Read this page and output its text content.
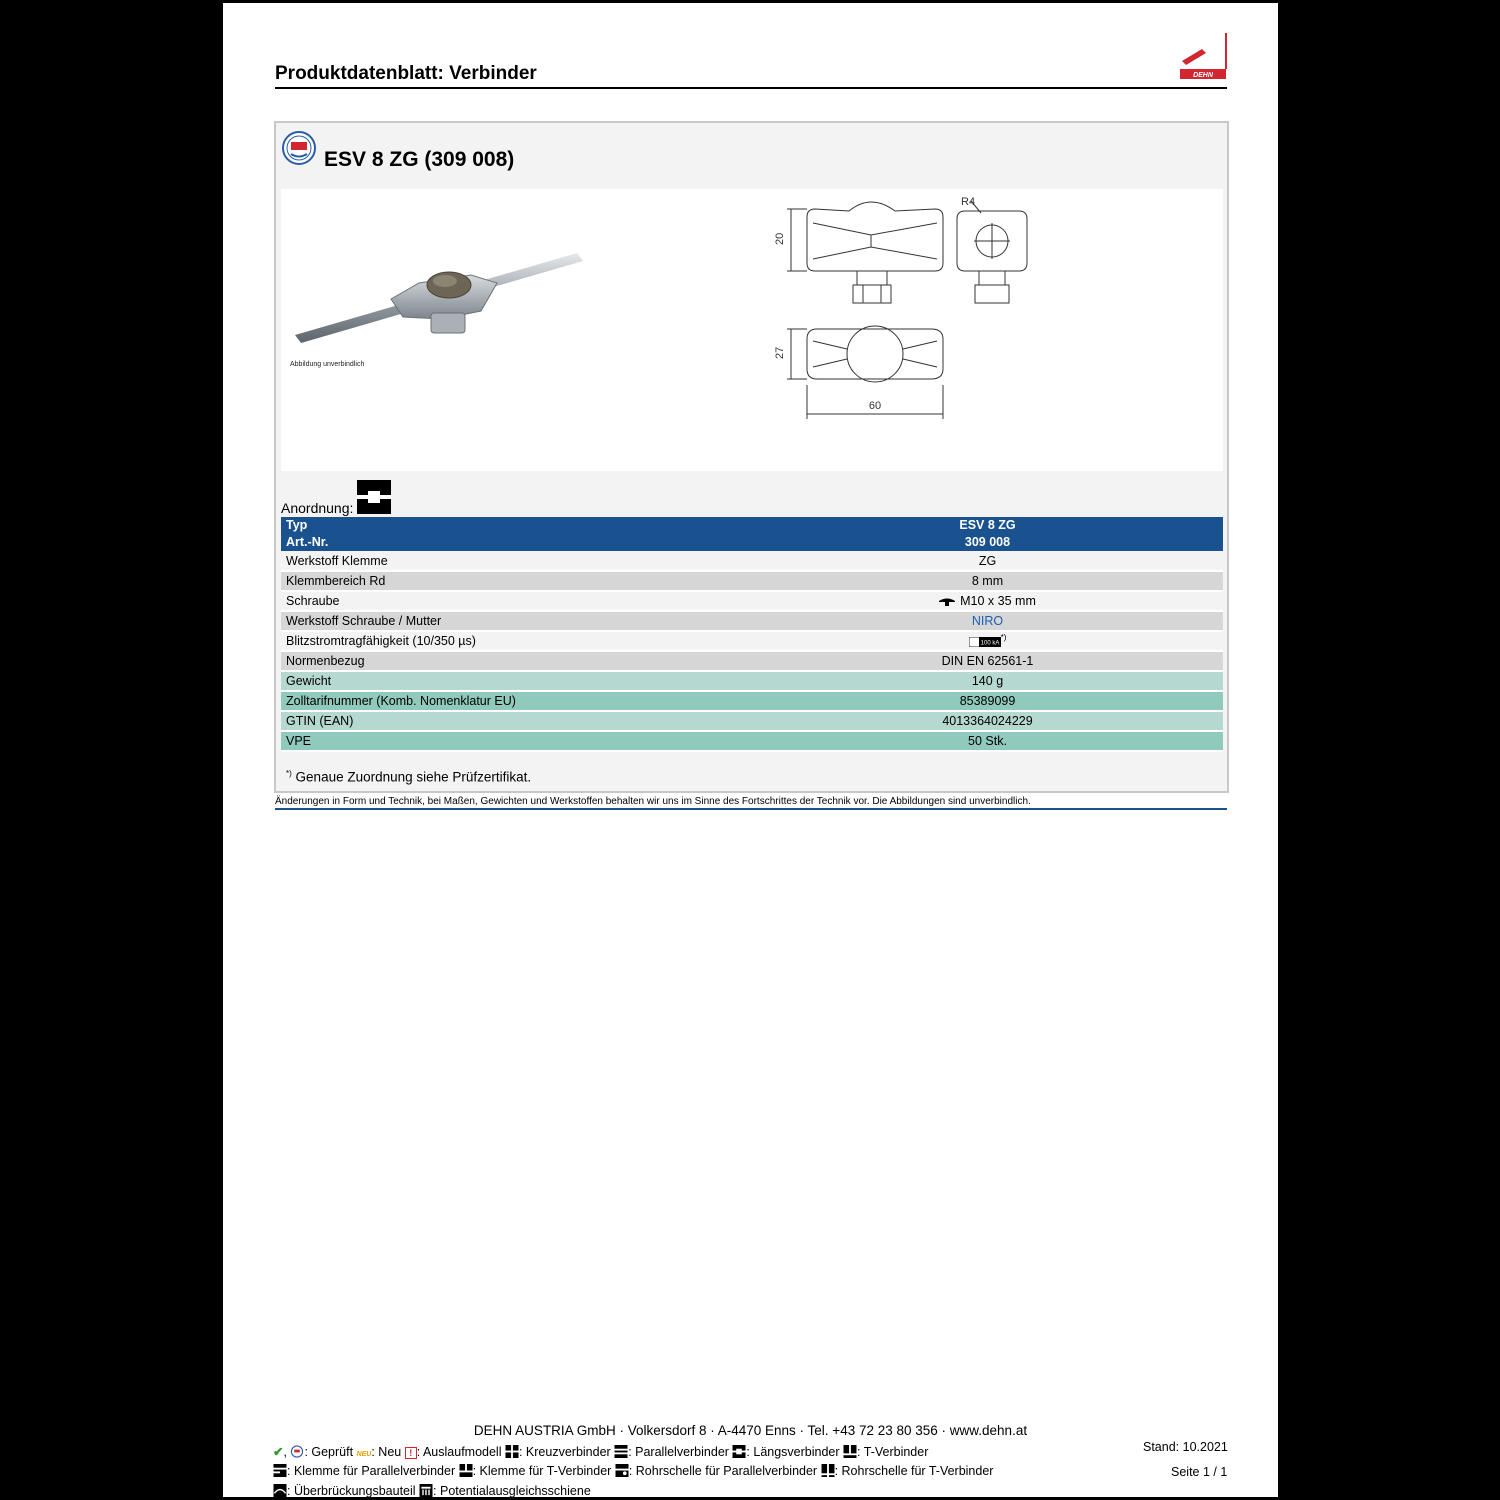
Produktdatenblatt: Verbinder	DEHN
ESV 8 ZG (309 008)
Abbildung unverbindlich
20
27
60
R4
Anordnung:
Typ	ESV 8 ZG
Art.-Nr.	309 008
Werkstoff Klemme	ZG
Klemmbereich Rd	8 mm
Schraube	M10 x 35 mm
Werkstoff Schraube / Mutter	NIRO
Blitzstromtragfähigkeit (10/350 µs)	100 kA
*)
Normenbezug	DIN EN 62561-1
Gewicht	140 g
Zolltarifnummer (Komb. Nomenklatur EU)	85389099
GTIN (EAN)	4013364024229
VPE	50 Stk.
*) Genaue Zuordnung siehe Prüfzertifikat.
Änderungen in Form und Technik, bei Maßen, Gewichten und Werkstoffen behalten wir uns im Sinne des Fortschrittes der Technik vor. Die Abbildungen sind unverbindlich.
DEHN AUSTRIA GmbH · Volkersdorf 8 · A-4470 Enns · Tel. +43 72 23 80 356 · www.dehn.at
✔, : Geprüft NEU: Neu ! : Auslaufmodell : Kreuzverbinder : Parallelverbinder : Längsverbinder : T-Verbinder
: Klemme für Parallelverbinder : Klemme für T-Verbinder : Rohrschelle für Parallelverbinder : Rohrschelle für T-Verbinder
: Überbrückungsbauteil : Potentialausgleichsschiene
Stand: 10.2021
Seite 1 / 1
